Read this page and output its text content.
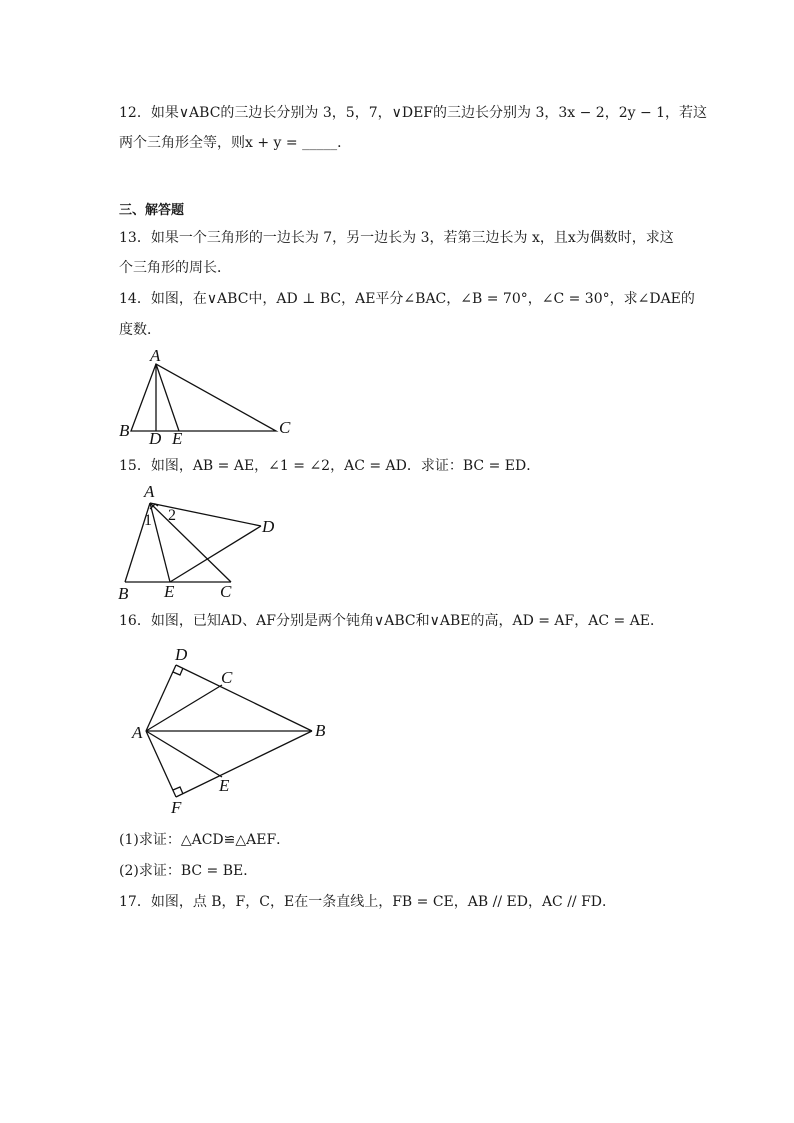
12．如果∨ABC的三边长分别为 3，5，7，∨DEF的三边长分别为 3，3x − 2，2y − 1，若这
两个三角形全等，则x + y = _____．
三、解答题
13．如果一个三角形的一边长为 7，另一边长为 3，若第三边长为 x，且x为偶数时，求这
个三角形的周长．
14．如图，在∨ABC中，AD ⊥ BC，AE平分∠BAC，∠B = 70°，∠C = 30°，求∠DAE的
度数．
A
B	C
D E
A
B	C
D
E
1 2
A	B
C
D
E
F
15．如图，AB = AE，∠1 = ∠2，AC = AD．求证：BC = ED．
16．如图，已知AD、AF分别是两个钝角∨ABC和∨ABE的高，AD = AF，AC = AE．
(1)求证：△ACD≌△AEF．
(2)求证：BC = BE．
17．如图，点 B，F，C，E在一条直线上，FB = CE，AB // ED，AC // FD．
